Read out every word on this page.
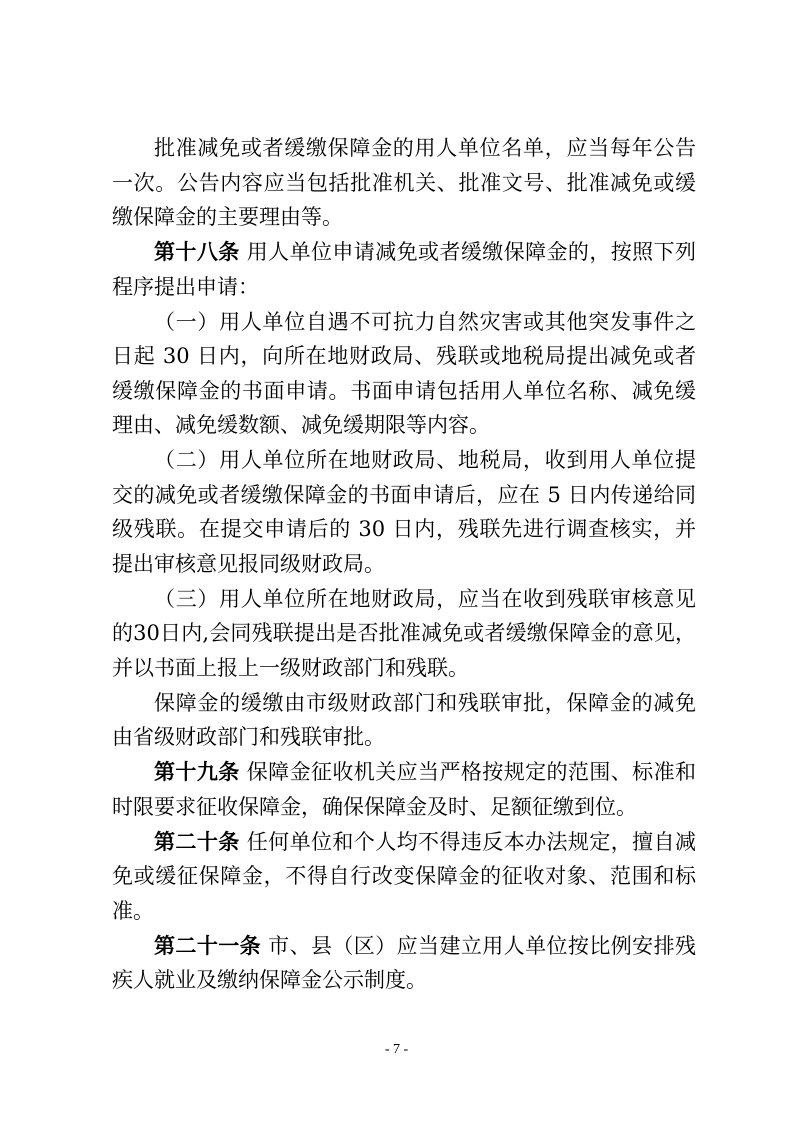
批准减免或者缓缴保障金的用人单位名单，应当每年公告一次。公告内容应当包括批准机关、批准文号、批准减免或缓缴保障金的主要理由等。

第十八条 用人单位申请减免或者缓缴保障金的，按照下列程序提出申请：

（一）用人单位自遇不可抗力自然灾害或其他突发事件之日起 30 日内，向所在地财政局、残联或地税局提出减免或者缓缴保障金的书面申请。书面申请包括用人单位名称、减免缓理由、减免缓数额、减免缓期限等内容。

（二）用人单位所在地财政局、地税局，收到用人单位提交的减免或者缓缴保障金的书面申请后，应在 5 日内传递给同级残联。在提交申请后的 30 日内，残联先进行调查核实，并提出审核意见报同级财政局。

（三）用人单位所在地财政局，应当在收到残联审核意见的30日内,会同残联提出是否批准减免或者缓缴保障金的意见，并以书面上报上一级财政部门和残联。

保障金的缓缴由市级财政部门和残联审批，保障金的减免由省级财政部门和残联审批。

第十九条 保障金征收机关应当严格按规定的范围、标准和时限要求征收保障金，确保保障金及时、足额征缴到位。

第二十条 任何单位和个人均不得违反本办法规定，擅自减免或缓征保障金，不得自行改变保障金的征收对象、范围和标准。

第二十一条 市、县（区）应当建立用人单位按比例安排残疾人就业及缴纳保障金公示制度。

- 7 -
